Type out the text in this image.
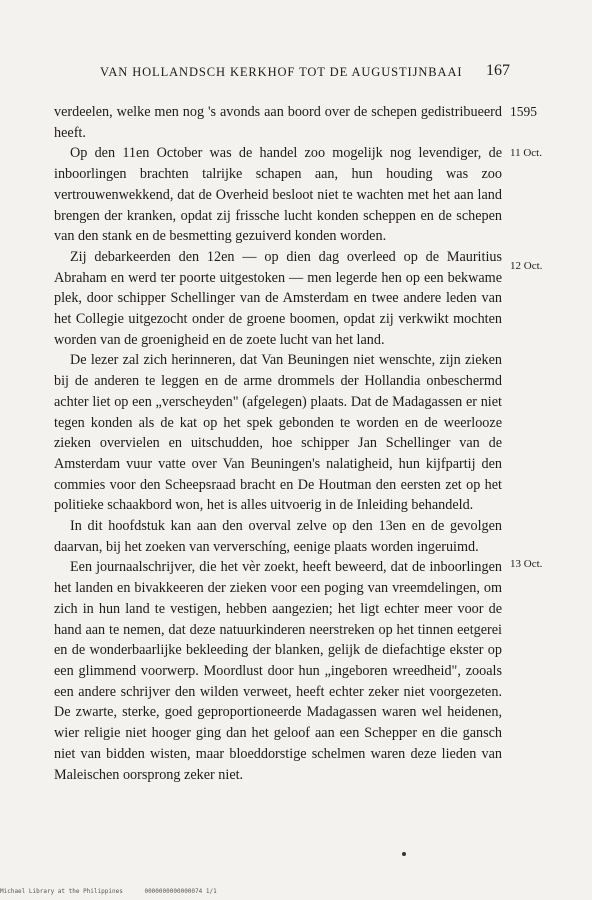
VAN HOLLANDSCH KERKHOF TOT DE AUGUSTIJNBAAI 167

verdeelen, welke men nog 's avonds aan boord over de schepen gedistribueerd heeft.

Op den 11en October was de handel zoo mogelijk nog levendiger, de inboorlingen brachten talrijke schapen aan, hun houding was zoo vertrouwenwekkend, dat de Overheid besloot niet te wachten met het aan land brengen der kranken, opdat zij frissche lucht konden scheppen en de schepen van den stank en de besmetting gezuiverd konden worden.

Zij debarkeerden den 12en — op dien dag overleed op de Mauritius Abraham en werd ter poorte uitgestoken — men legerde hen op een bekwame plek, door schipper Schellinger van de Amsterdam en twee andere leden van het Collegie uitgezocht onder de groene boomen, opdat zij verkwikt mochten worden van de groenigheid en de zoete lucht van het land.

De lezer zal zich herinneren, dat Van Beuningen niet wenschte, zijn zieken bij de anderen te leggen en de arme drommels der Hollandia onbeschermd achter liet op een „verscheyden" (afgelegen) plaats. Dat de Madagassen er niet tegen konden als de kat op het spek gebonden te worden en de weerlooze zieken overvielen en uitschudden, hoe schipper Jan Schellinger van de Amsterdam vuur vatte over Van Beuningen's nalatigheid, hun kijfpartij den commies voor den Scheepsraad bracht en De Houtman den eersten zet op het politieke schaakbord won, het is alles uitvoerig in de Inleiding behandeld.

In dit hoofdstuk kan aan den overval zelve op den 13en en de gevolgen daarvan, bij het zoeken van ververschíng, eenige plaats worden ingeruimd.

Een journaalschrijver, die het vèr zoekt, heeft beweerd, dat de inboorlingen het landen en bivakkeeren der zieken voor een poging van vreemdelingen, om zich in hun land te vestigen, hebben aangezien; het ligt echter meer voor de hand aan te nemen, dat deze natuurkinderen neerstreken op het tinnen eetgerei en de wonderbaarlijke bekleeding der blanken, gelijk de diefachtige ekster op een glimmend voorwerp. Moordlust door hun „ingeboren wreedheid", zooals een andere schrijver den wilden verweet, heeft echter zeker niet voorgezeten. De zwarte, sterke, goed geproportioneerde Madagassen waren wel heidenen, wier religie niet hooger ging dan het geloof aan een Schepper en die gansch niet van bidden wisten, maar bloeddorstige schelmen waren deze lieden van Maleischen oorsprong zeker niet.

1595
11 Oct.
12 Oct.
13 Oct.
Michael Library at the Philippines	0000000000000074 1/1
